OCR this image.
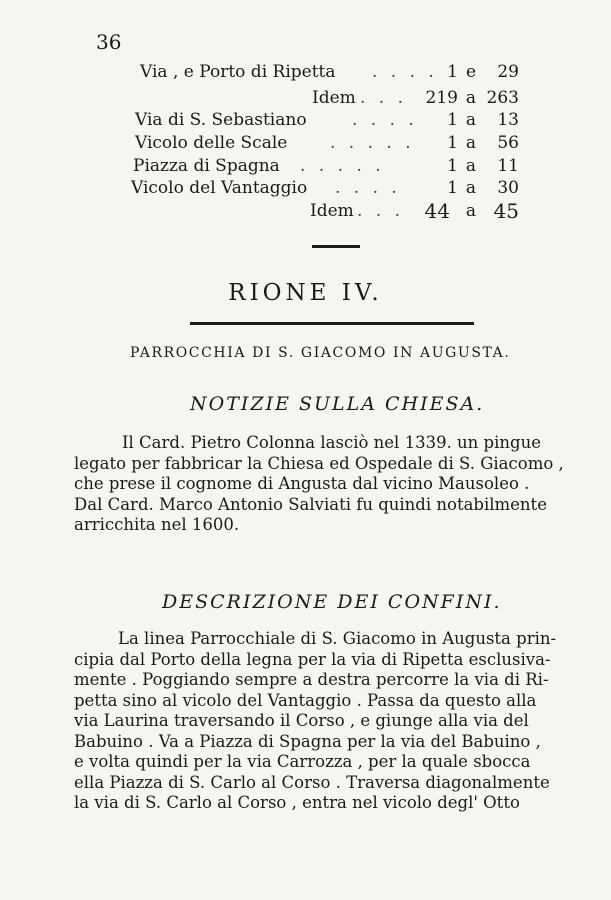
36
Via , e Porto di Ripetta . . . . 1 e	29
Idem . . .	219 a 263
Via di S. Sebastiano	. . . .	1 a	13
Vicolo delle Scale	. . . . .	1 a	56
Piazza di Spagna . . . . .	1 a	11
Vicolo del Vantaggio . . . .	1 a	30
Idem . . .	44 a 45
RIONE IV.
PARROCCHIA DI S. GIACOMO IN AUGUSTA.
NOTIZIE SULLA CHIESA.
Il Card. Pietro Colonna lasciò nel 1339. un pingue
legato per fabbricar la Chiesa ed Ospedale di S. Giacomo ,
che prese il cognome di Angusta dal vicino Mausoleo .
Dal Card. Marco Antonio Salviati fu quindi notabilmente
arricchita nel 1600.
DESCRIZIONE DEI CONFINI.
La linea Parrocchiale di S. Giacomo in Augusta prin-
cipia dal Porto della legna per la via di Ripetta esclusiva-
mente . Poggiando sempre a destra percorre la via di Ri-
petta sino al vicolo del Vantaggio . Passa da questo alla
via Laurina traversando il Corso , e giunge alla via del
Babuino . Va a Piazza di Spagna per la via del Babuino ,
e volta quindi per la via Carrozza , per la quale sbocca
ella Piazza di S. Carlo al Corso . Traversa diagonalmente
la via di S. Carlo al Corso , entra nel vicolo degl' Otto
